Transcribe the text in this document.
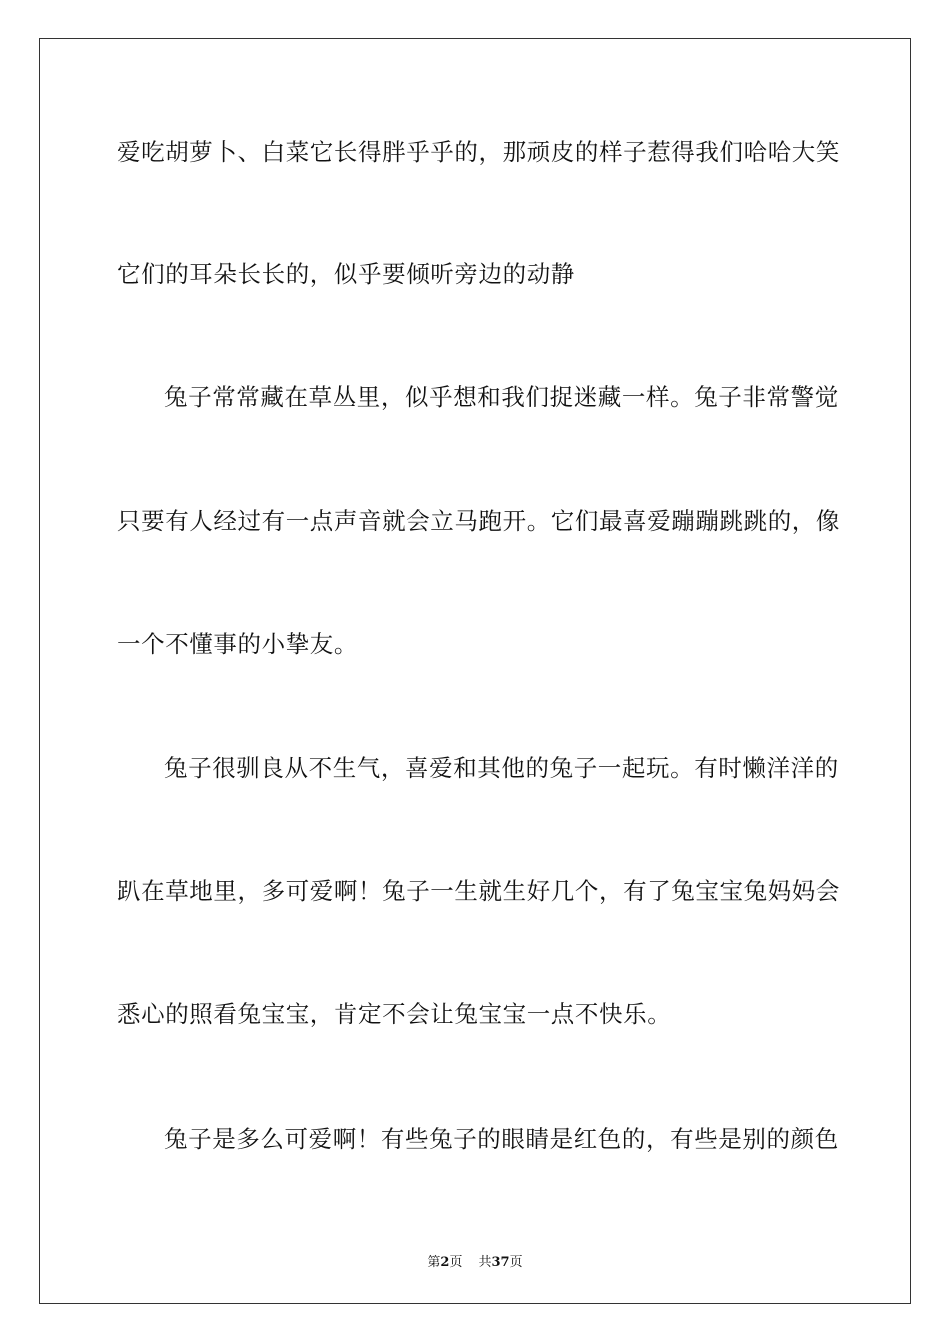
爱吃胡萝卜、白菜它长得胖乎乎的，那顽皮的样子惹得我们哈哈大笑
它们的耳朵长长的，似乎要倾听旁边的动静
兔子常常藏在草丛里，似乎想和我们捉迷藏一样。兔子非常警觉
只要有人经过有一点声音就会立马跑开。它们最喜爱蹦蹦跳跳的，像
一个不懂事的小挚友。
兔子很驯良从不生气，喜爱和其他的兔子一起玩。有时懒洋洋的
趴在草地里，多可爱啊！兔子一生就生好几个，有了兔宝宝兔妈妈会
悉心的照看兔宝宝，肯定不会让兔宝宝一点不快乐。
兔子是多么可爱啊！有些兔子的眼睛是红色的，有些是别的颜色
第2页 共37页
